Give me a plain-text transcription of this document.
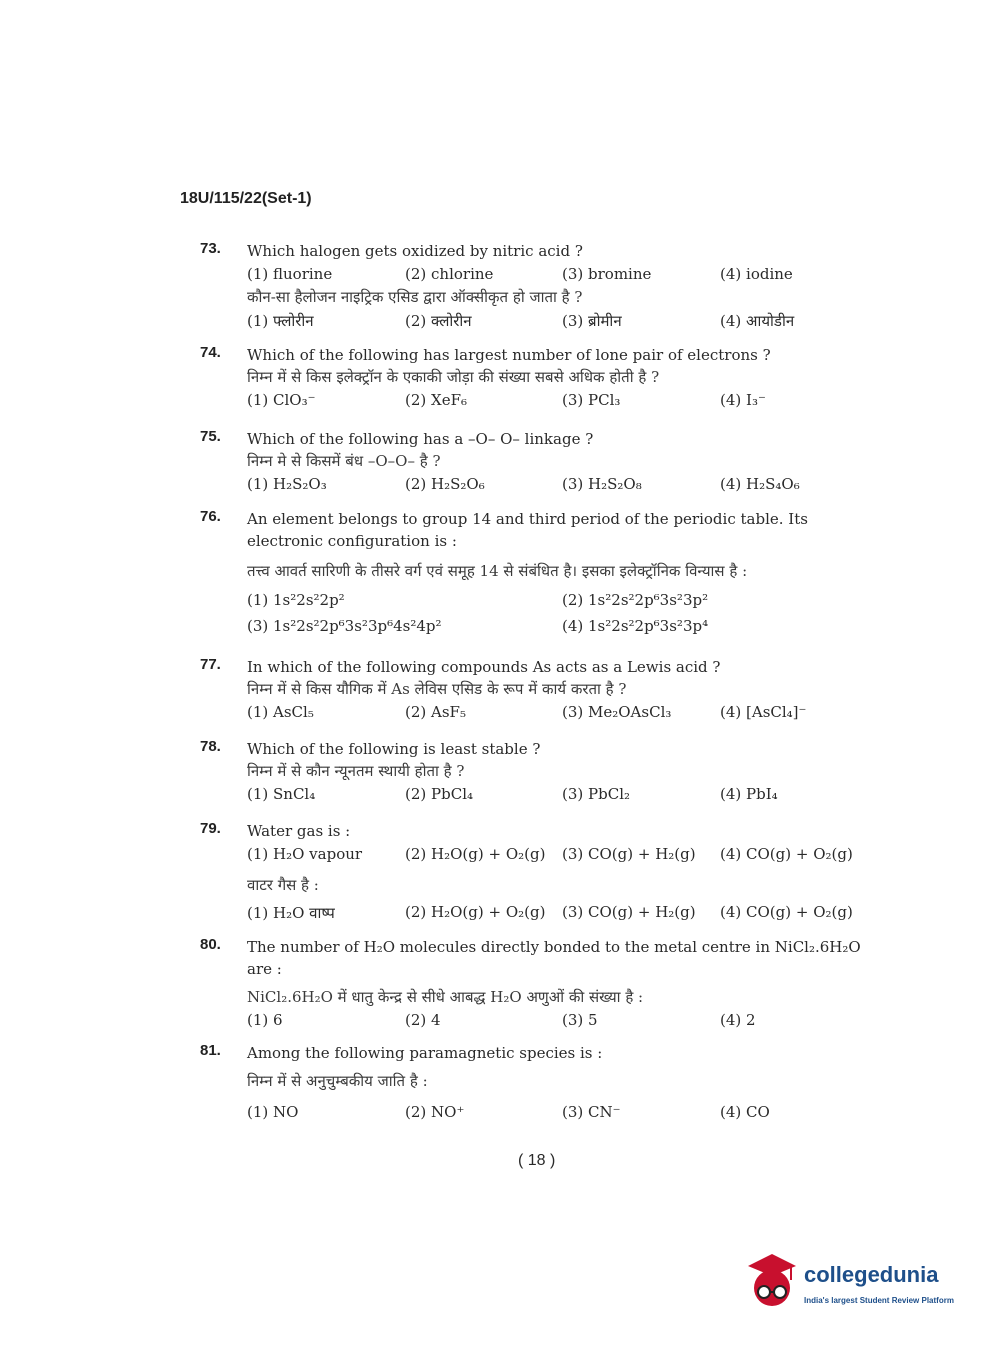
18U/115/22(Set-1)
73. Which halogen gets oxidized by nitric acid ?
(1) fluorine	(2) chlorine	(3) bromine	(4) iodine
कौन-सा हैलोजन नाइट्रिक एसिड द्वारा ऑक्सीकृत हो जाता है ?
(1) फ्लोरीन	(2) क्लोरीन	(3) ब्रोमीन	(4) आयोडीन
74. Which of the following has largest number of lone pair of electrons ?
निम्न में से किस इलेक्ट्रॉन के एकाकी जोड़ा की संख्या सबसे अधिक होती है ?
(1) ClO₃⁻	(2) XeF₆	(3) PCl₃	(4) I₃⁻
75. Which of the following has a –O– O– linkage ?
निम्न मे से किसमें बंध –O–O– है ?
(1) H₂S₂O₃	(2) H₂S₂O₆	(3) H₂S₂O₈	(4) H₂S₄O₆
76. An element belongs to group 14 and third period of the periodic table. Its electronic configuration is :
तत्त्व आवर्त सारिणी के तीसरे वर्ग एवं समूह 14 से संबंधित है। इसका इलेक्ट्रॉनिक विन्यास है :
(1) 1s²2s²2p²	(2) 1s²2s²2p⁶3s²3p²
(3) 1s²2s²2p⁶3s²3p⁶4s²4p²	(4) 1s²2s²2p⁶3s²3p⁴
77. In which of the following compounds As acts as a Lewis acid ?
निम्न में से किस यौगिक में As लेविस एसिड के रूप में कार्य करता है ?
(1) AsCl₅	(2) AsF₅	(3) Me₂OAsCl₃	(4) [AsCl₄]⁻
78. Which of the following is least stable ?
निम्न में से कौन न्यूनतम स्थायी होता है ?
(1) SnCl₄	(2) PbCl₄	(3) PbCl₂	(4) PbI₄
79. Water gas is :
(1) H₂O vapour	(2) H₂O(g) + O₂(g) (3) CO(g) + H₂(g) (4) CO(g) + O₂(g)
वाटर गैस है :
(1) H₂O वाष्प	(2) H₂O(g) + O₂(g) (3) CO(g) + H₂(g) (4) CO(g) + O₂(g)
80. The number of H₂O molecules directly bonded to the metal centre in NiCl₂.6H₂O are :
NiCl₂.6H₂O में धातु केन्द्र से सीधे आबद्ध H₂O अणुओं की संख्या है :
(1) 6	(2) 4	(3) 5	(4) 2
81. Among the following paramagnetic species is :
निम्न में से अनुचुम्बकीय जाति है :
(1) NO	(2) NO⁺	(3) CN⁻	(4) CO
( 18 )
collegedunia
India's largest Student Review Platform
